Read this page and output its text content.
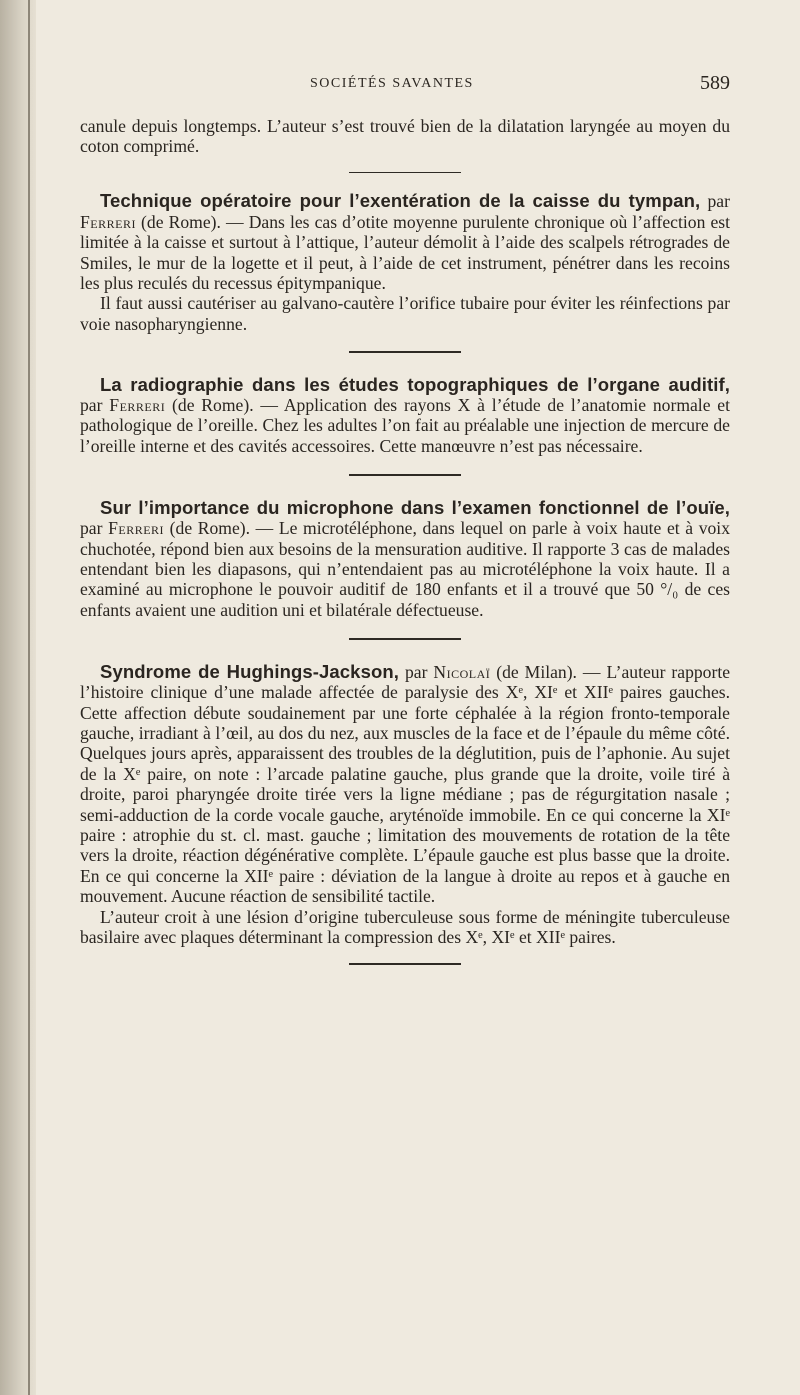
SOCIÉTÉS SAVANTES	589

canule depuis longtemps. L’auteur s’est trouvé bien de la dilatation laryngée au moyen du coton comprimé.

Technique opératoire pour l’exentération de la caisse du tympan, par Ferreri (de Rome). — Dans les cas d’otite moyenne purulente chronique où l’affection est limitée à la caisse et surtout à l’attique, l’auteur démolit à l’aide des scalpels rétrogrades de Smiles, le mur de la logette et il peut, à l’aide de cet instrument, pénétrer dans les recoins les plus reculés du recessus épitympanique.

Il faut aussi cautériser au galvano-cautère l’orifice tubaire pour éviter les réinfections par voie nasopharyngienne.

La radiographie dans les études topographiques de l’organe auditif, par Ferreri (de Rome). — Application des rayons X à l’étude de l’anatomie normale et pathologique de l’oreille. Chez les adultes l’on fait au préalable une injection de mercure de l’oreille interne et des cavités accessoires. Cette manœuvre n’est pas nécessaire.

Sur l’importance du microphone dans l’examen fonctionnel de l’ouïe, par Ferreri (de Rome). — Le microtéléphone, dans lequel on parle à voix haute et à voix chuchotée, répond bien aux besoins de la mensuration auditive. Il rapporte 3 cas de malades entendant bien les diapasons, qui n’entendaient pas au microtéléphone la voix haute. Il a examiné au microphone le pouvoir auditif de 180 enfants et il a trouvé que 50 °/₀ de ces enfants avaient une audition uni et bilatérale défectueuse.

Syndrome de Hughings-Jackson, par Nicolaï (de Milan). — L’auteur rapporte l’histoire clinique d’une malade affectée de paralysie des Xᵉ, XIᵉ et XIIᵉ paires gauches. Cette affection débute soudainement par une forte céphalée à la région fronto-temporale gauche, irradiant à l’œil, au dos du nez, aux muscles de la face et de l’épaule du même côté. Quelques jours après, apparaissent des troubles de la déglutition, puis de l’aphonie. Au sujet de la Xᵉ paire, on note : l’arcade palatine gauche, plus grande que la droite, voile tiré à droite, paroi pharyngée droite tirée vers la ligne médiane ; pas de régurgitation nasale ; semi-adduction de la corde vocale gauche, aryténoïde immobile. En ce qui concerne la XIᵉ paire : atrophie du st. cl. mast. gauche ; limitation des mouvements de rotation de la tête vers la droite, réaction dégénérative complète. L’épaule gauche est plus basse que la droite. En ce qui concerne la XIIᵉ paire : déviation de la langue à droite au repos et à gauche en mouvement. Aucune réaction de sensibilité tactile.

L’auteur croit à une lésion d’origine tuberculeuse sous forme de méningite tuberculeuse basilaire avec plaques déterminant la compression des Xᵉ, XIᵉ et XIIᵉ paires.
